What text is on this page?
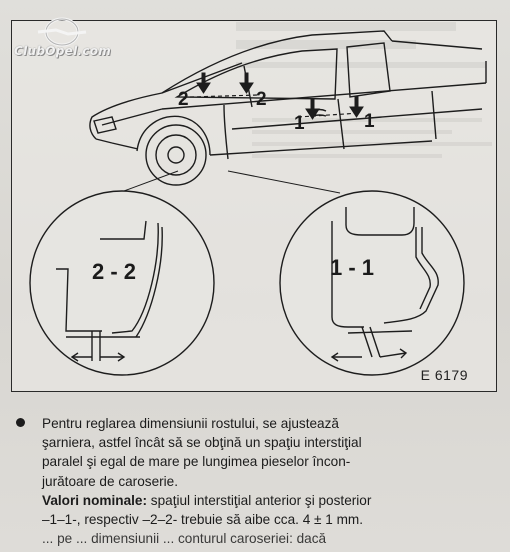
2	2
1	1
2 - 2	1 - 1
E 6179
ClubOpel.com

Pentru reglarea dimensiunii rostului, se ajustează

şarniera, astfel încât să se obţină un spaţiu interstiţial

paralel şi egal de mare pe lungimea pieselor încon-

jurătoare de caroserie.

Valori nominale: spaţiul interstiţial anterior şi posterior

–1–1-, respectiv –2–2- trebuie să aibe cca. 4 ± 1 mm.

... pe ... dimensiunii ... conturul caroseriei: dacă
